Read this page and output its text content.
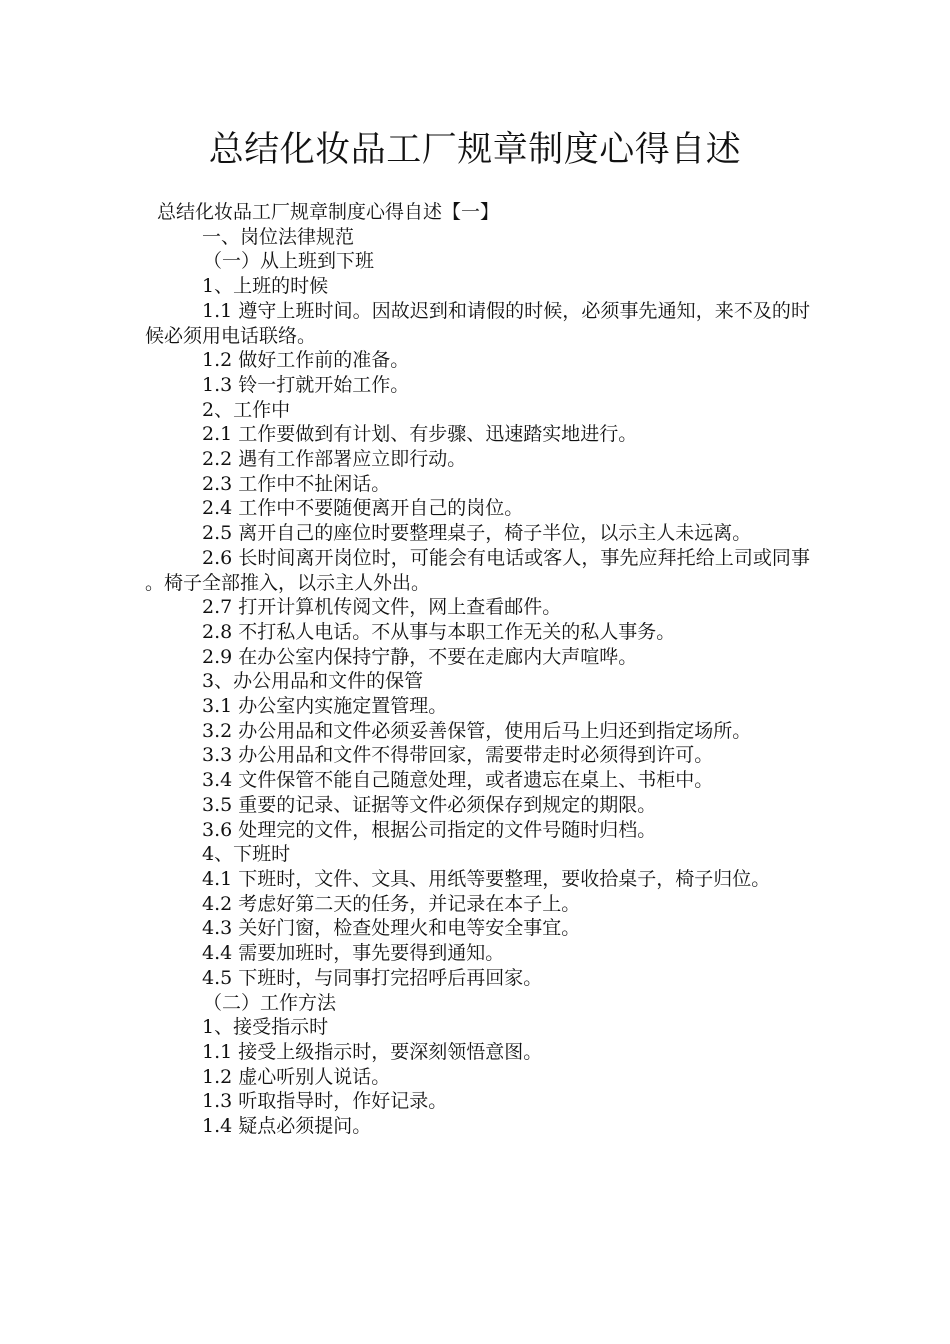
总结化妆品工厂规章制度心得自述
总结化妆品工厂规章制度心得自述【一】
一、岗位法律规范
（一）从上班到下班
1、上班的时候

1.1 遵守上班时间。因故迟到和请假的时候，必须事先通知，来不及的时候必须用电话联络。

1.2 做好工作前的准备。

1.3 铃一打就开始工作。

2、工作中

2.1 工作要做到有计划、有步骤、迅速踏实地进行。

2.2 遇有工作部署应立即行动。

2.3 工作中不扯闲话。

2.4 工作中不要随便离开自己的岗位。

2.5 离开自己的座位时要整理桌子，椅子半位，以示主人未远离。

2.6 长时间离开岗位时，可能会有电话或客人，事先应拜托给上司或同事。椅子全部推入，以示主人外出。

2.7 打开计算机传阅文件，网上查看邮件。

2.8 不打私人电话。不从事与本职工作无关的私人事务。

2.9 在办公室内保持宁静，不要在走廊内大声喧哗。

3、办公用品和文件的保管

3.1 办公室内实施定置管理。

3.2 办公用品和文件必须妥善保管，使用后马上归还到指定场所。

3.3 办公用品和文件不得带回家，需要带走时必须得到许可。

3.4 文件保管不能自己随意处理，或者遗忘在桌上、书柜中。

3.5 重要的记录、证据等文件必须保存到规定的期限。

3.6 处理完的文件，根据公司指定的文件号随时归档。

4、下班时

4.1 下班时，文件、文具、用纸等要整理，要收拾桌子，椅子归位。

4.2 考虑好第二天的任务，并记录在本子上。

4.3 关好门窗，检查处理火和电等安全事宜。

4.4 需要加班时，事先要得到通知。

4.5 下班时，与同事打完招呼后再回家。

（二）工作方法

1、接受指示时

1.1 接受上级指示时，要深刻领悟意图。

1.2 虚心听别人说话。

1.3 听取指导时，作好记录。

1.4 疑点必须提问。
